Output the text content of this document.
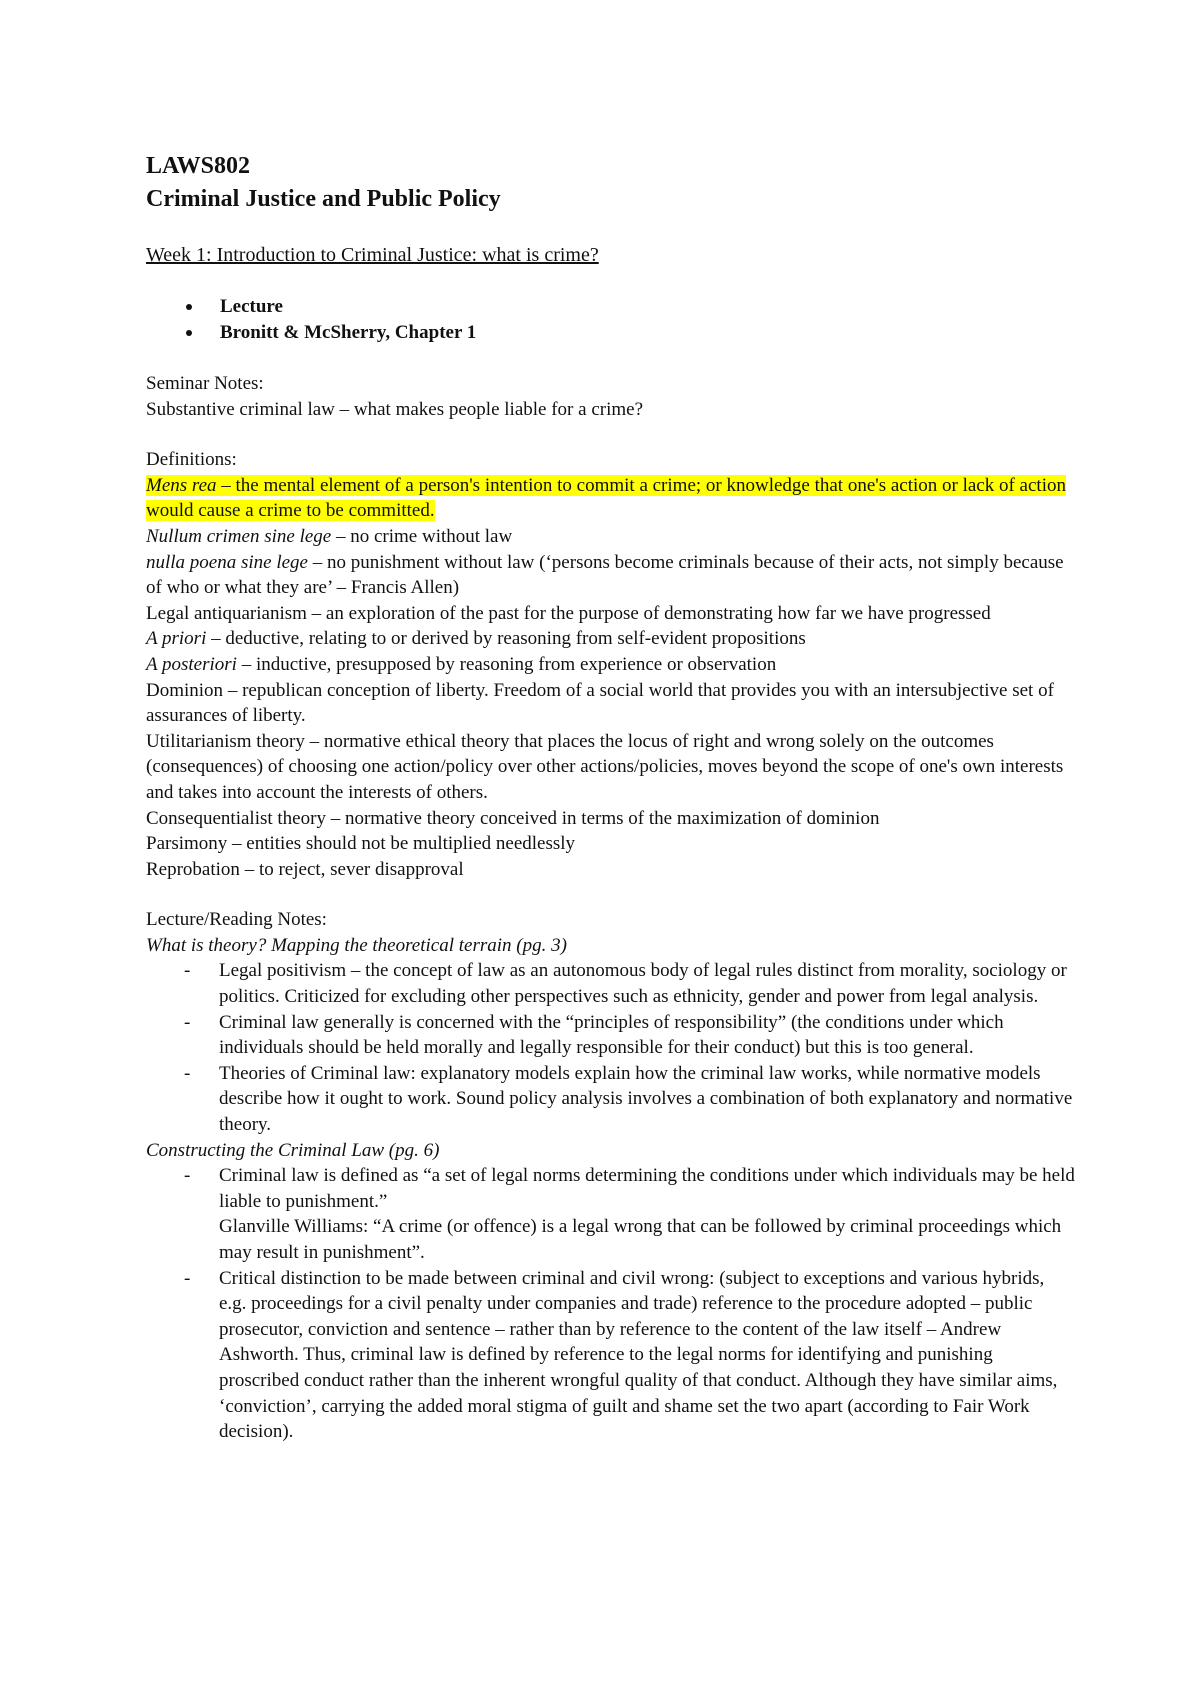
LAWS802
Criminal Justice and Public Policy
Week 1: Introduction to Criminal Justice: what is crime?
Lecture
Bronitt & McSherry, Chapter 1
Seminar Notes:
Substantive criminal law – what makes people liable for a crime?
Definitions:
Mens rea – the mental element of a person's intention to commit a crime; or knowledge that one's action or lack of action would cause a crime to be committed.
Nullum crimen sine lege – no crime without law
nulla poena sine lege – no punishment without law (‘persons become criminals because of their acts, not simply because of who or what they are’ – Francis Allen)
Legal antiquarianism – an exploration of the past for the purpose of demonstrating how far we have progressed
A priori – deductive, relating to or derived by reasoning from self-evident propositions
A posteriori – inductive, presupposed by reasoning from experience or observation
Dominion – republican conception of liberty. Freedom of a social world that provides you with an intersubjective set of assurances of liberty.
Utilitarianism theory – normative ethical theory that places the locus of right and wrong solely on the outcomes (consequences) of choosing one action/policy over other actions/policies, moves beyond the scope of one's own interests and takes into account the interests of others.
Consequentialist theory – normative theory conceived in terms of the maximization of dominion
Parsimony – entities should not be multiplied needlessly
Reprobation – to reject, sever disapproval
Lecture/Reading Notes:
What is theory? Mapping the theoretical terrain (pg. 3)
- Legal positivism – the concept of law as an autonomous body of legal rules distinct from morality, sociology or politics. Criticized for excluding other perspectives such as ethnicity, gender and power from legal analysis.
- Criminal law generally is concerned with the “principles of responsibility” (the conditions under which individuals should be held morally and legally responsible for their conduct) but this is too general.
- Theories of Criminal law: explanatory models explain how the criminal law works, while normative models describe how it ought to work. Sound policy analysis involves a combination of both explanatory and normative theory.
Constructing the Criminal Law (pg. 6)
- Criminal law is defined as “a set of legal norms determining the conditions under which individuals may be held liable to punishment.”
Glanville Williams: “A crime (or offence) is a legal wrong that can be followed by criminal proceedings which may result in punishment”.
- Critical distinction to be made between criminal and civil wrong: (subject to exceptions and various hybrids, e.g. proceedings for a civil penalty under companies and trade) reference to the procedure adopted – public prosecutor, conviction and sentence – rather than by reference to the content of the law itself – Andrew Ashworth. Thus, criminal law is defined by reference to the legal norms for identifying and punishing proscribed conduct rather than the inherent wrongful quality of that conduct. Although they have similar aims, ‘conviction’, carrying the added moral stigma of guilt and shame set the two apart (according to Fair Work decision).
